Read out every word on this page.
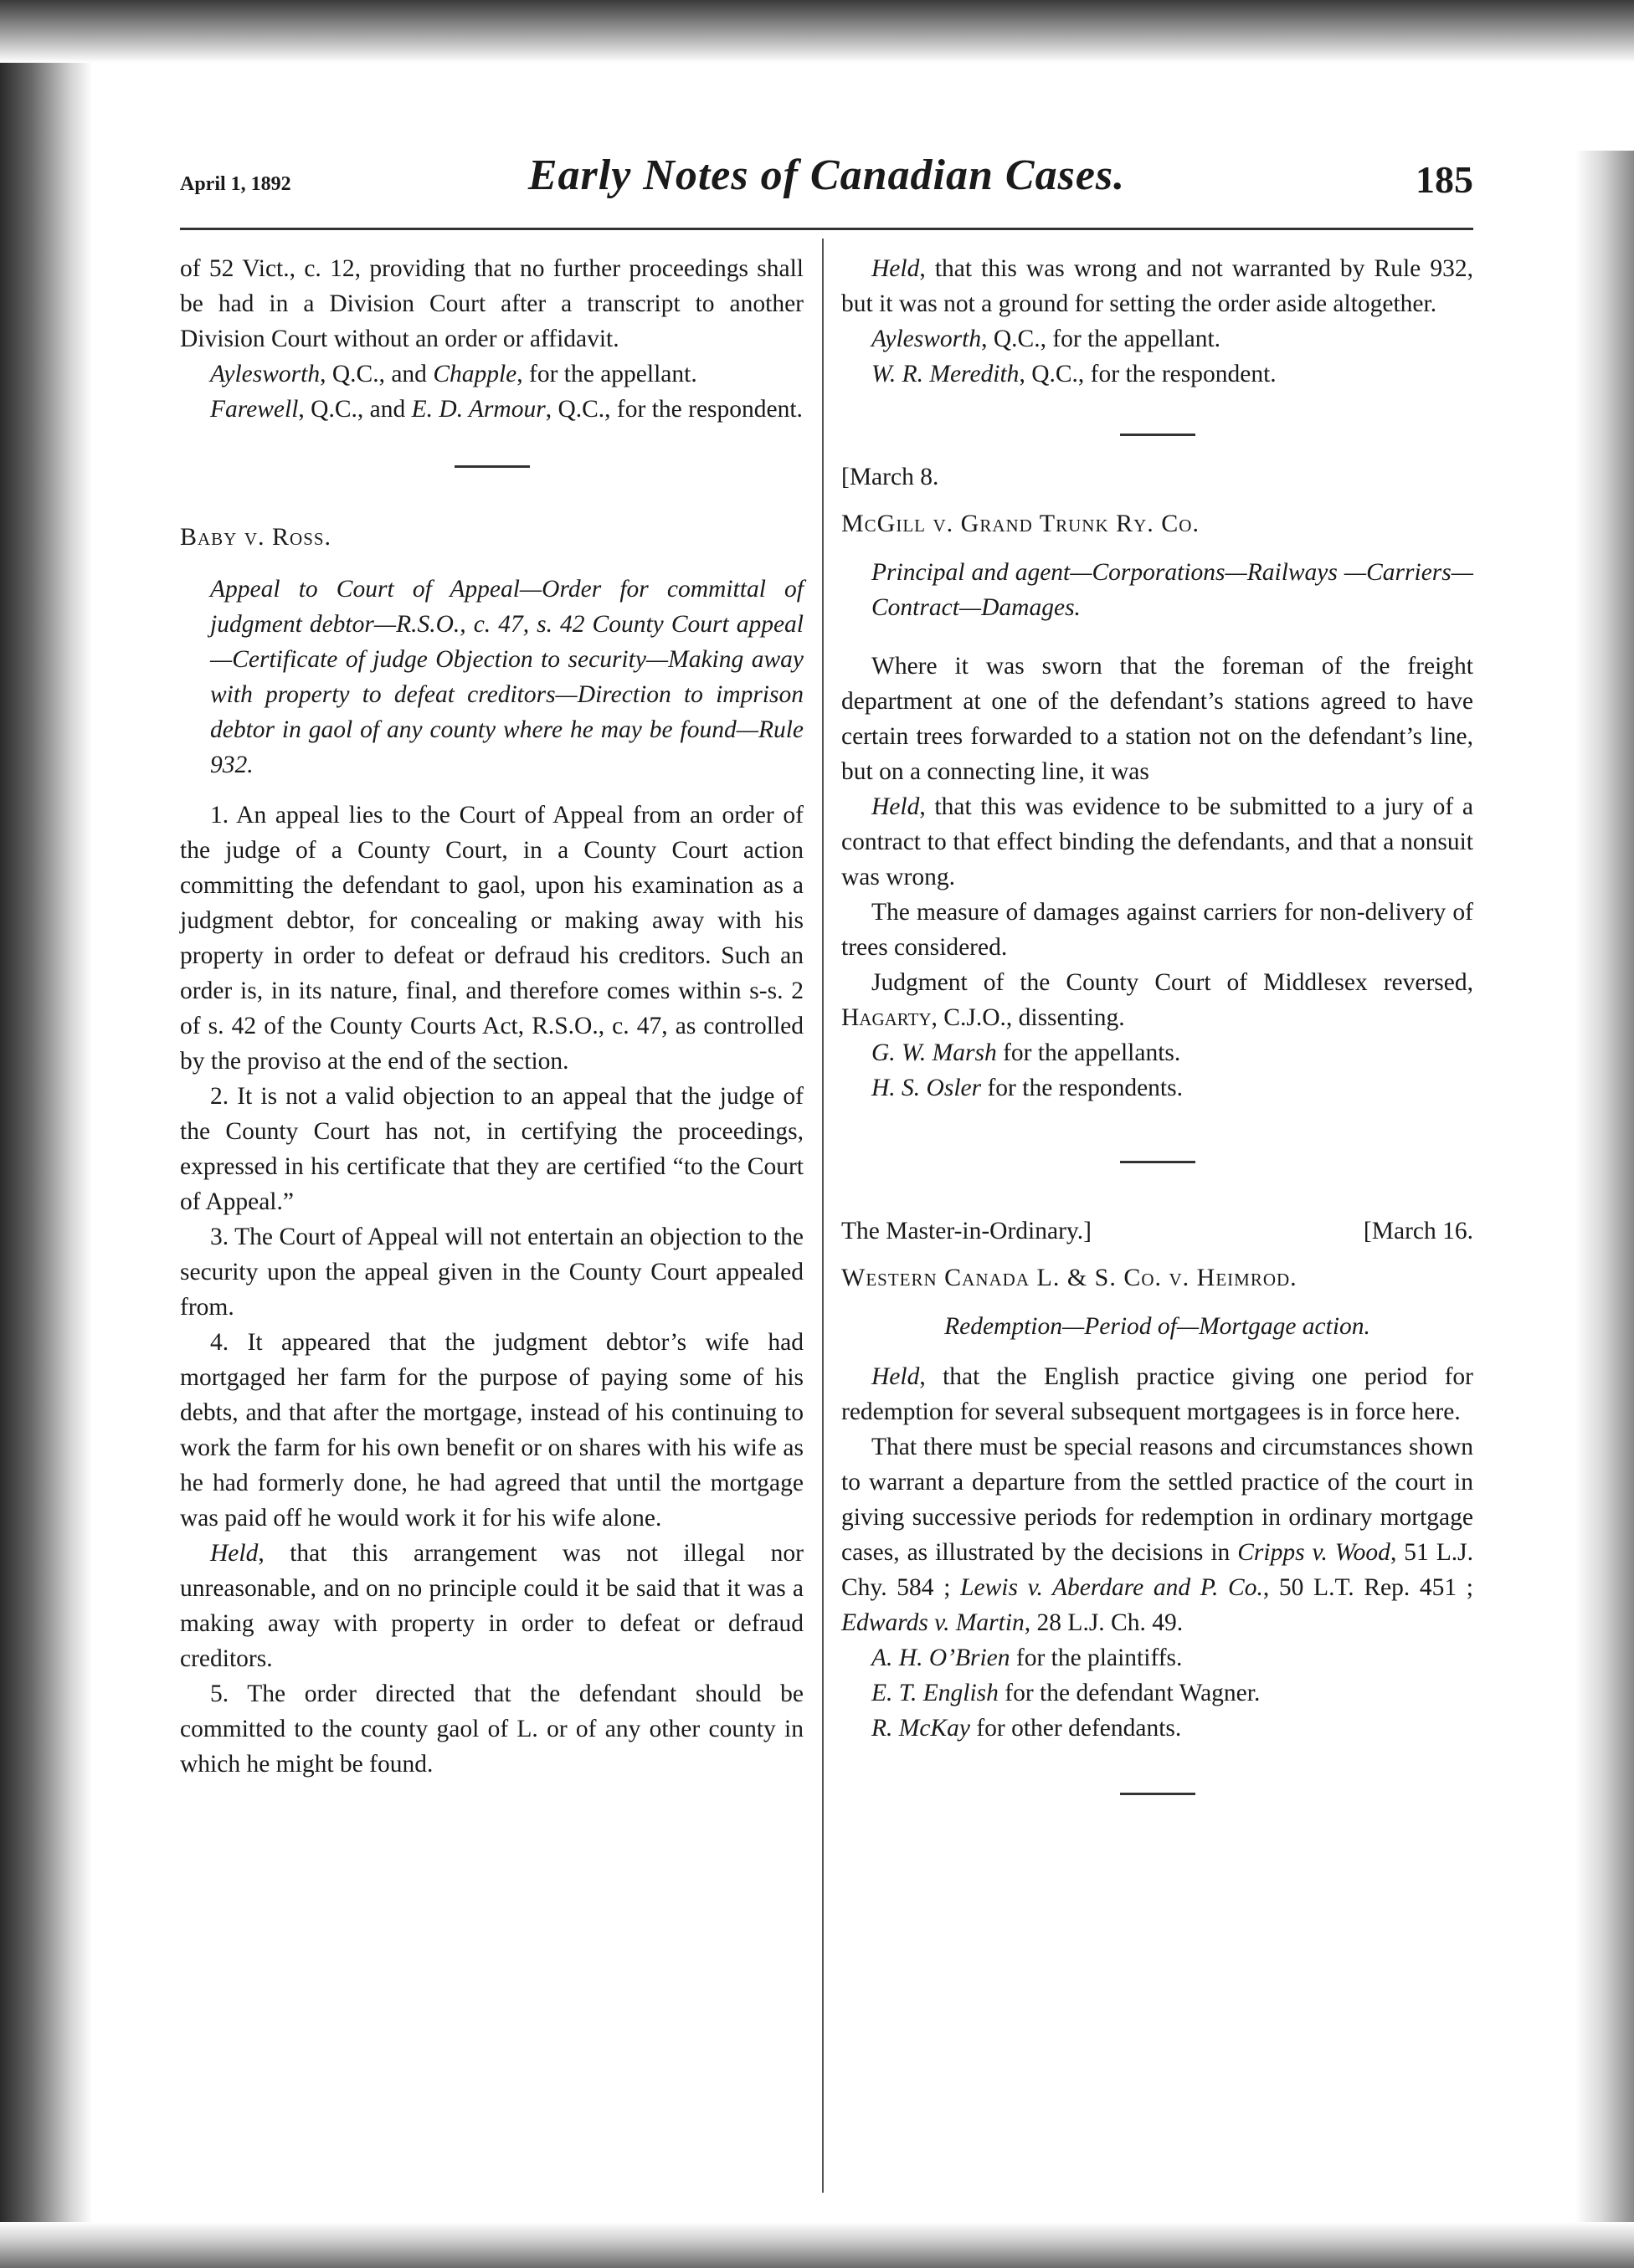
April 1, 1892	Early Notes of Canadian Cases.	185

of 52 Vict., c. 12, providing that no further proceedings shall be had in a Division Court after a transcript to another Division Court without an order or affidavit.

Aylesworth, Q.C., and Chapple, for the appellant.

Farewell, Q.C., and E. D. Armour, Q.C., for the respondent.

Baby v. Ross.

Appeal to Court of Appeal—Order for committal of judgment debtor—R.S.O., c. 47, s. 42 County Court appeal—Certificate of judge Objection to security—Making away with property to defeat creditors—Direction to imprison debtor in gaol of any county where he may be found—Rule 932.

1. An appeal lies to the Court of Appeal from an order of the judge of a County Court, in a County Court action committing the defendant to gaol, upon his examination as a judgment debtor, for concealing or making away with his property in order to defeat or defraud his creditors. Such an order is, in its nature, final, and therefore comes within s-s. 2 of s. 42 of the County Courts Act, R.S.O., c. 47, as controlled by the proviso at the end of the section.

2. It is not a valid objection to an appeal that the judge of the County Court has not, in certifying the proceedings, expressed in his certificate that they are certified “to the Court of Appeal.”

3. The Court of Appeal will not entertain an objection to the security upon the appeal given in the County Court appealed from.

4. It appeared that the judgment debtor’s wife had mortgaged her farm for the purpose of paying some of his debts, and that after the mortgage, instead of his continuing to work the farm for his own benefit or on shares with his wife as he had formerly done, he had agreed that until the mortgage was paid off he would work it for his wife alone.

Held, that this arrangement was not illegal nor unreasonable, and on no principle could it be said that it was a making away with property in order to defeat or defraud creditors.

5. The order directed that the defendant should be committed to the county gaol of L. or of any other county in which he might be found.

Held, that this was wrong and not warranted by Rule 932, but it was not a ground for setting the order aside altogether.

Aylesworth, Q.C., for the appellant.

W. R. Meredith, Q.C., for the respondent.

[March 8.

McGill v. Grand Trunk Ry. Co.

Principal and agent—Corporations—Railways —Carriers—Contract—Damages.

Where it was sworn that the foreman of the freight department at one of the defendant’s stations agreed to have certain trees forwarded to a station not on the defendant’s line, but on a connecting line, it was

Held, that this was evidence to be submitted to a jury of a contract to that effect binding the defendants, and that a nonsuit was wrong.

The measure of damages against carriers for non-delivery of trees considered.

Judgment of the County Court of Middlesex reversed, Hagarty, C.J.O., dissenting.

G. W. Marsh for the appellants.

H. S. Osler for the respondents.

The Master-in-Ordinary.]	[March 16.

Western Canada L. & S. Co. v. Heimrod.

Redemption—Period of—Mortgage action.

Held, that the English practice giving one period for redemption for several subsequent mortgagees is in force here.

That there must be special reasons and circumstances shown to warrant a departure from the settled practice of the court in giving successive periods for redemption in ordinary mortgage cases, as illustrated by the decisions in Cripps v. Wood, 51 L.J. Chy. 584 ; Lewis v. Aberdare and P. Co., 50 L.T. Rep. 451 ; Edwards v. Martin, 28 L.J. Ch. 49.

A. H. O’Brien for the plaintiffs.

E. T. English for the defendant Wagner.

R. McKay for other defendants.
